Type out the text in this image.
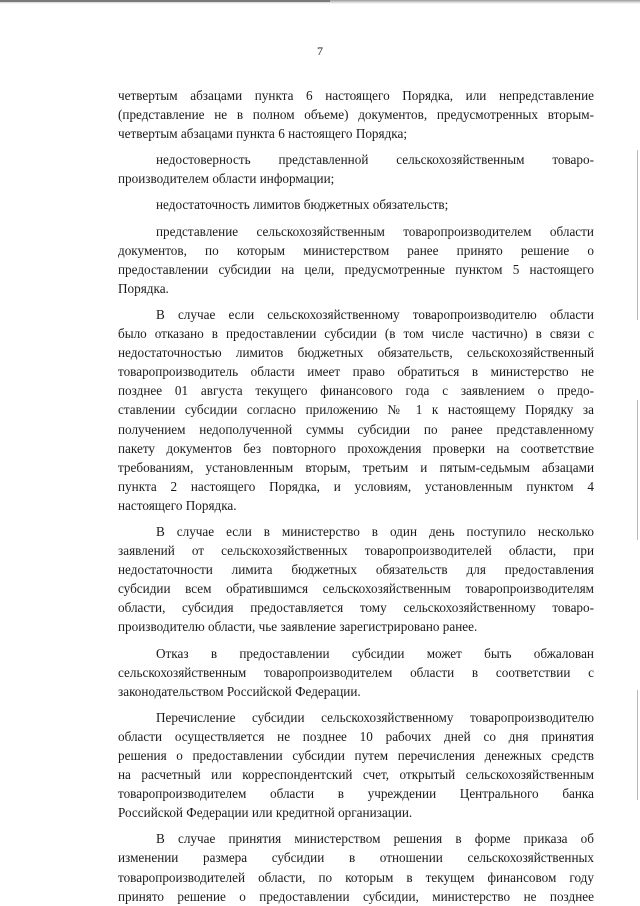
7
четвертым абзацами пункта 6 настоящего Порядка, или непредставление
(представление не в полном объеме) документов, предусмотренных вторым-
четвертым абзацами пункта 6 настоящего Порядка;
недостоверность представленной сельскохозяйственным товаро-
производителем области информации;
недостаточность лимитов бюджетных обязательств;
представление сельскохозяйственным товаропроизводителем области
документов, по которым министерством ранее принято решение о
предоставлении субсидии на цели, предусмотренные пунктом 5 настоящего
Порядка.
В случае если сельскохозяйственному товаропроизводителю области
было отказано в предоставлении субсидии (в том числе частично) в связи с
недостаточностью лимитов бюджетных обязательств, сельскохозяйственный
товаропроизводитель области имеет право обратиться в министерство не
позднее 01 августа текущего финансового года с заявлением о предо-
ставлении субсидии согласно приложению № 1 к настоящему Порядку за
получением недополученной суммы субсидии по ранее представленному
пакету документов без повторного прохождения проверки на соответствие
требованиям, установленным вторым, третьим и пятым-седьмым абзацами
пункта 2 настоящего Порядка, и условиям, установленным пунктом 4
настоящего Порядка.
В случае если в министерство в один день поступило несколько
заявлений от сельскохозяйственных товаропроизводителей области, при
недостаточности лимита бюджетных обязательств для предоставления
субсидии всем обратившимся сельскохозяйственным товаропроизводителям
области, субсидия предоставляется тому сельскохозяйственному товаро-
производителю области, чье заявление зарегистрировано ранее.
Отказ в предоставлении субсидии может быть обжалован
сельскохозяйственным товаропроизводителем области в соответствии с
законодательством Российской Федерации.
Перечисление субсидии сельскохозяйственному товаропроизводителю
области осуществляется не позднее 10 рабочих дней со дня принятия
решения о предоставлении субсидии путем перечисления денежных средств
на расчетный или корреспондентский счет, открытый сельскохозяйственным
товаропроизводителем области в учреждении Центрального банка
Российской Федерации или кредитной организации.
В случае принятия министерством решения в форме приказа об
изменении размера субсидии в отношении сельскохозяйственных
товаропроизводителей области, по которым в текущем финансовом году
принято решение о предоставлении субсидии, министерство не позднее
